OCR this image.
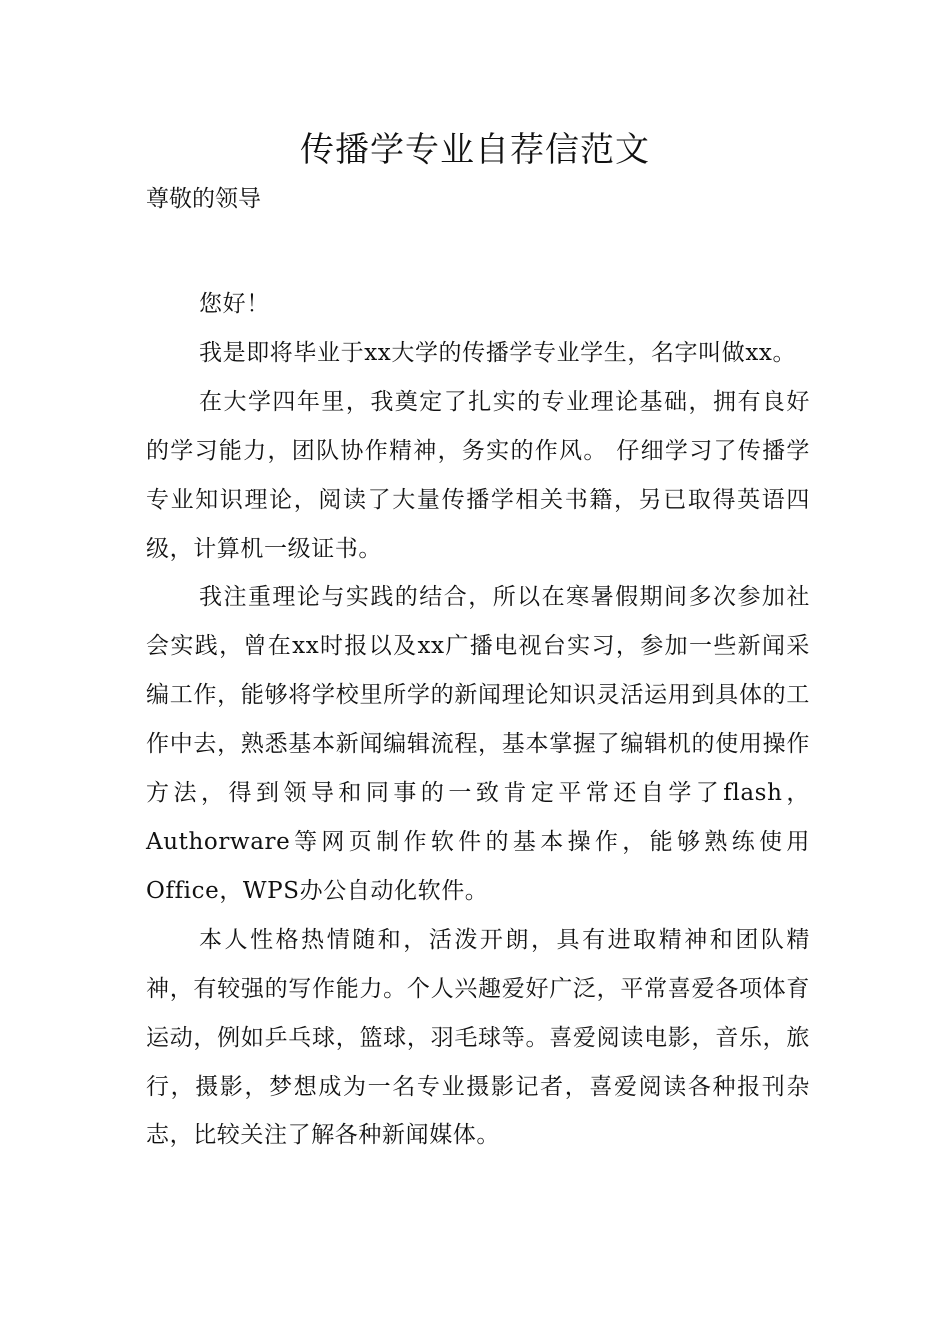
传播学专业自荐信范文
尊敬的领导

您好！

我是即将毕业于xx大学的传播学专业学生，名字叫做xx。

在大学四年里，我奠定了扎实的专业理论基础，拥有良好的学习能力，团队协作精神，务实的作风。 仔细学习了传播学专业知识理论，阅读了大量传播学相关书籍，另已取得英语四级，计算机一级证书。

我注重理论与实践的结合，所以在寒暑假期间多次参加社会实践，曾在xx时报以及xx广播电视台实习，参加一些新闻采编工作，能够将学校里所学的新闻理论知识灵活运用到具体的工作中去，熟悉基本新闻编辑流程，基本掌握了编辑机的使用操作方法，得到领导和同事的一致肯定平常还自学了flash，Authorware等网页制作软件的基本操作，能够熟练使用Office，WPS办公自动化软件。

本人性格热情随和，活泼开朗，具有进取精神和团队精神，有较强的写作能力。个人兴趣爱好广泛，平常喜爱各项体育运动，例如乒乓球，篮球，羽毛球等。喜爱阅读电影，音乐，旅行，摄影，梦想成为一名专业摄影记者，喜爱阅读各种报刊杂志，比较关注了解各种新闻媒体。
